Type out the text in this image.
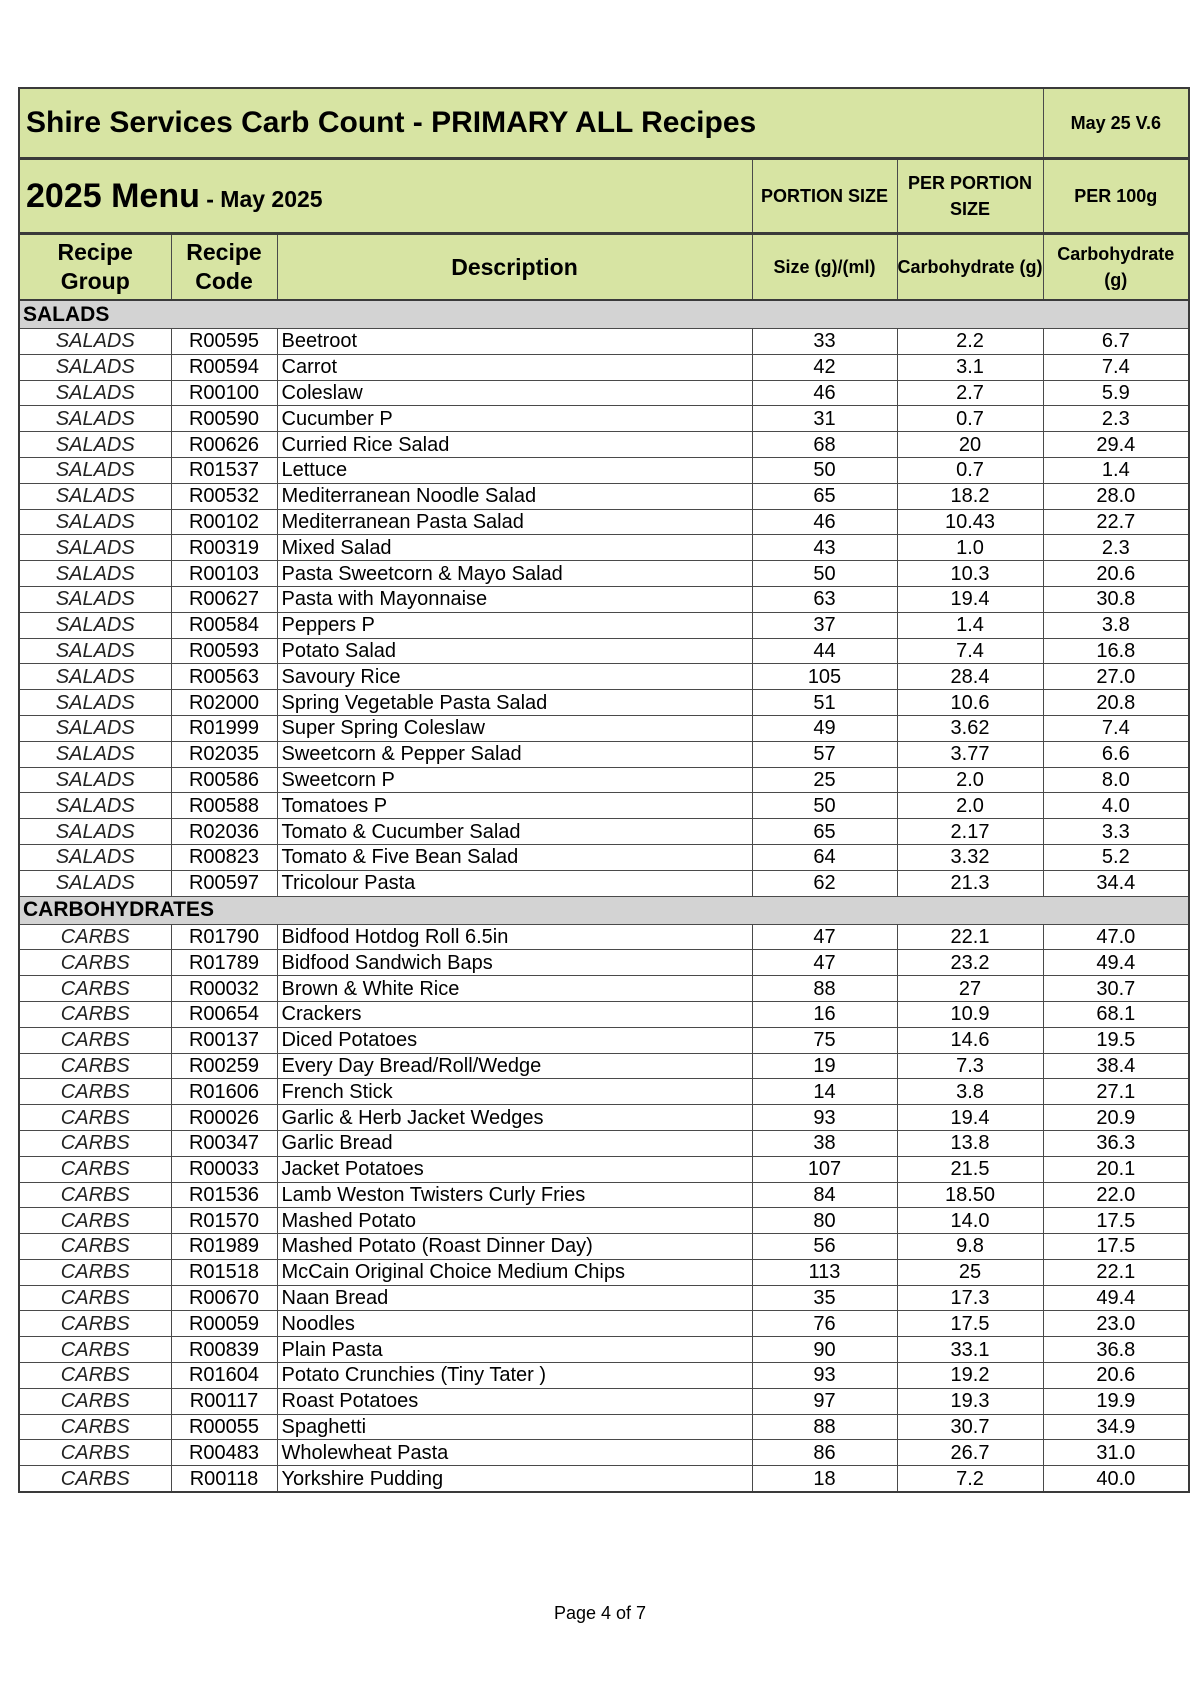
Shire Services Carb Count - PRIMARY ALL Recipes					May 25 V.6
2025 Menu - May 2025			PORTION SIZE	PER PORTION SIZE	PER 100g
Recipe Group	Recipe Code	Description	Size (g)/(ml)	Carbohydrate (g)	Carbohydrate (g)
SALADS					
SALADS	R00595	Beetroot	33	2.2	6.7
SALADS	R00594	Carrot	42	3.1	7.4
SALADS	R00100	Coleslaw	46	2.7	5.9
SALADS	R00590	Cucumber P	31	0.7	2.3
SALADS	R00626	Curried Rice Salad	68	20	29.4
SALADS	R01537	Lettuce	50	0.7	1.4
SALADS	R00532	Mediterranean Noodle Salad	65	18.2	28.0
SALADS	R00102	Mediterranean Pasta Salad	46	10.43	22.7
SALADS	R00319	Mixed Salad	43	1.0	2.3
SALADS	R00103	Pasta Sweetcorn & Mayo Salad	50	10.3	20.6
SALADS	R00627	Pasta with Mayonnaise	63	19.4	30.8
SALADS	R00584	Peppers P	37	1.4	3.8
SALADS	R00593	Potato Salad	44	7.4	16.8
SALADS	R00563	Savoury Rice	105	28.4	27.0
SALADS	R02000	Spring Vegetable Pasta Salad	51	10.6	20.8
SALADS	R01999	Super Spring Coleslaw	49	3.62	7.4
SALADS	R02035	Sweetcorn & Pepper Salad	57	3.77	6.6
SALADS	R00586	Sweetcorn P	25	2.0	8.0
SALADS	R00588	Tomatoes P	50	2.0	4.0
SALADS	R02036	Tomato & Cucumber Salad	65	2.17	3.3
SALADS	R00823	Tomato & Five Bean Salad	64	3.32	5.2
SALADS	R00597	Tricolour Pasta	62	21.3	34.4
CARBOHYDRATES					
CARBS	R01790	Bidfood Hotdog Roll 6.5in	47	22.1	47.0
CARBS	R01789	Bidfood Sandwich Baps	47	23.2	49.4
CARBS	R00032	Brown & White Rice	88	27	30.7
CARBS	R00654	Crackers	16	10.9	68.1
CARBS	R00137	Diced Potatoes	75	14.6	19.5
CARBS	R00259	Every Day Bread/Roll/Wedge	19	7.3	38.4
CARBS	R01606	French Stick	14	3.8	27.1
CARBS	R00026	Garlic & Herb Jacket Wedges	93	19.4	20.9
CARBS	R00347	Garlic Bread	38	13.8	36.3
CARBS	R00033	Jacket Potatoes	107	21.5	20.1
CARBS	R01536	Lamb Weston Twisters Curly Fries	84	18.50	22.0
CARBS	R01570	Mashed Potato	80	14.0	17.5
CARBS	R01989	Mashed Potato (Roast Dinner Day)	56	9.8	17.5
CARBS	R01518	McCain Original Choice Medium Chips	113	25	22.1
CARBS	R00670	Naan Bread	35	17.3	49.4
CARBS	R00059	Noodles	76	17.5	23.0
CARBS	R00839	Plain Pasta	90	33.1	36.8
CARBS	R01604	Potato Crunchies (Tiny Tater )	93	19.2	20.6
CARBS	R00117	Roast Potatoes	97	19.3	19.9
CARBS	R00055	Spaghetti	88	30.7	34.9
CARBS	R00483	Wholewheat Pasta	86	26.7	31.0
CARBS	R00118	Yorkshire Pudding	18	7.2	40.0
Page 4 of 7
